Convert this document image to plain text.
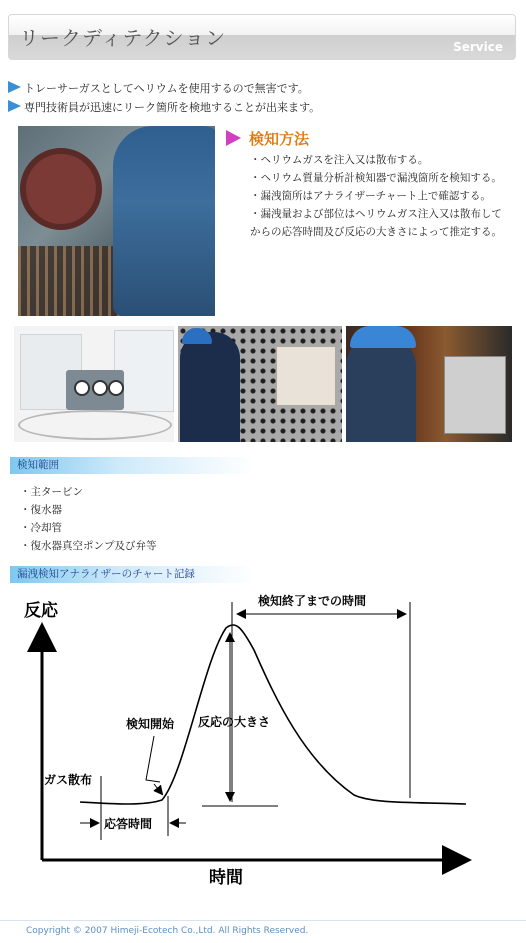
リークディテクション	Service
トレーサーガスとしてヘリウムを使用するので無害です。
専門技術員が迅速にリーク箇所を検地することが出来ます。
検知方法
・ヘリウムガスを注入又は散布する。
・ヘリウム質量分析計検知器で漏洩箇所を検知する。
・漏洩箇所はアナライザーチャート上で確認する。
・漏洩量および部位はヘリウムガス注入又は散布してからの応答時間及び反応の大きさによって推定する。
検知範囲
・主タービン
・復水器
・冷却管
・復水器真空ポンプ及び弁等
漏洩検知アナライザーのチャート記録
反応
時間
検知終了までの時間
反応の大きさ
検知開始
ガス散布
応答時間
Copyright © 2007 Himeji-Ecotech Co.,Ltd. All Rights Reserved.
